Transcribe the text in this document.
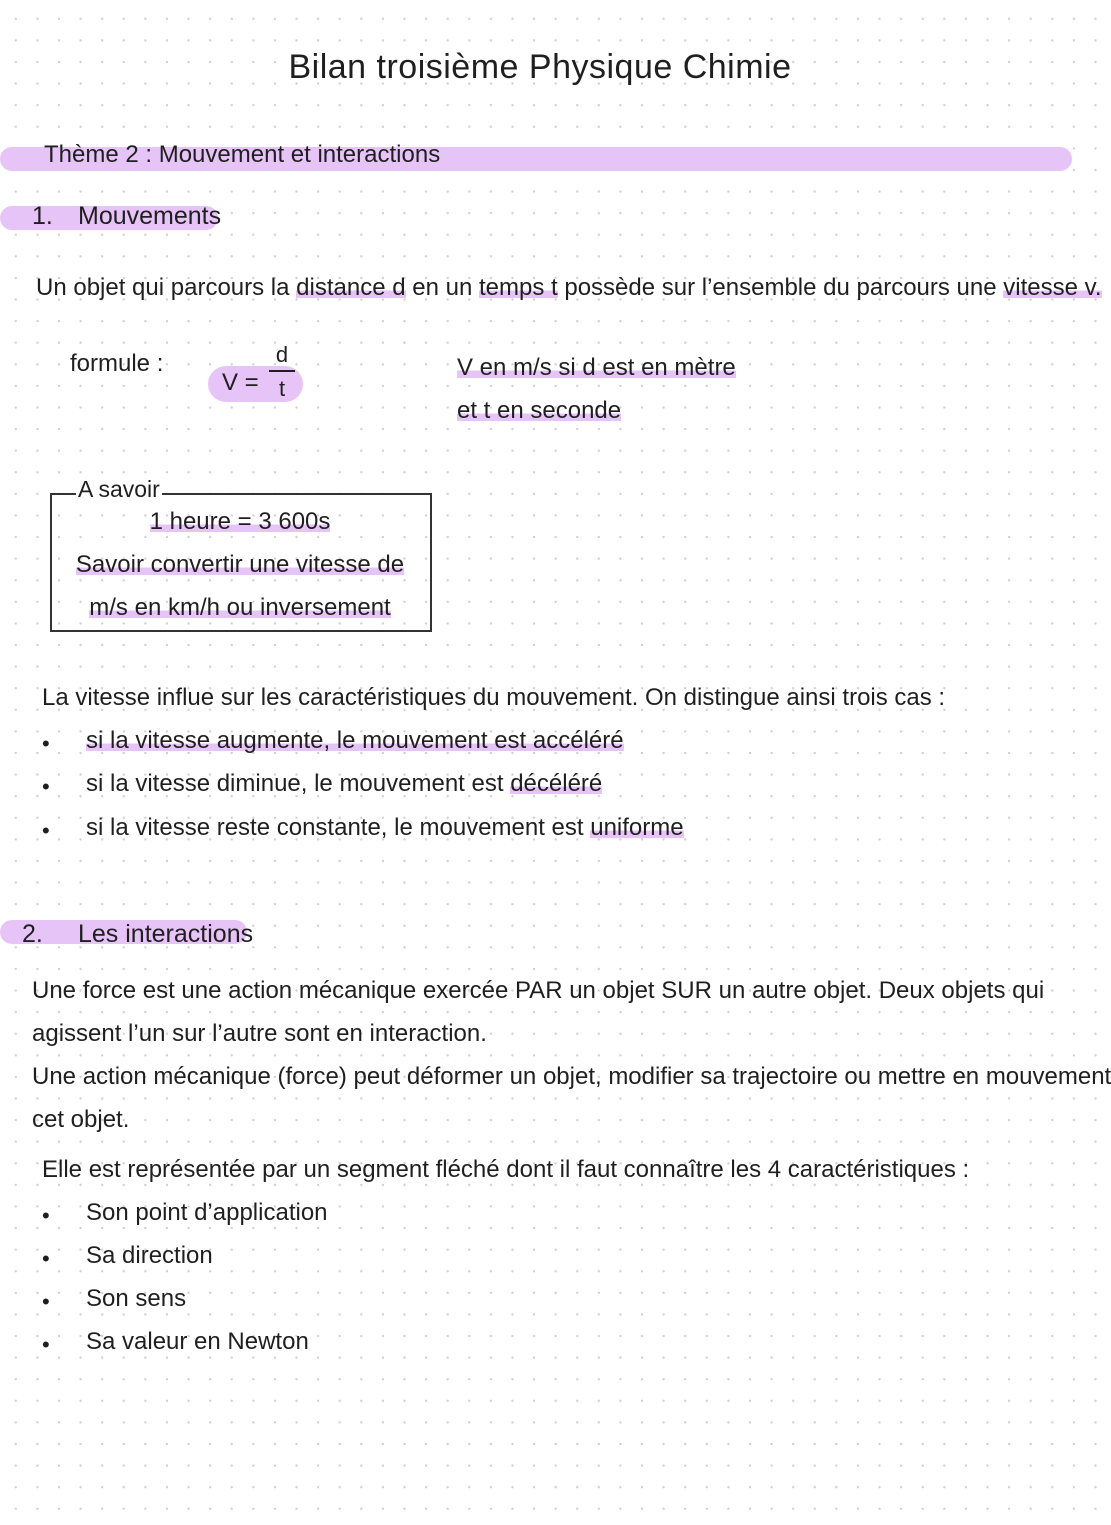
Bilan troisième Physique Chimie
Thème 2 : Mouvement et interactions
1. Mouvements
Un objet qui parcours la distance d en un temps t possède sur l’ensemble du parcours une vitesse v.
formule :
V =
d
t
V en m/s si d est en mètre
et t en seconde
A savoir
1 heure = 3 600s
Savoir convertir une vitesse de
m/s en km/h ou inversement
La vitesse influe sur les caractéristiques du mouvement. On distingue ainsi trois cas :
• si la vitesse augmente, le mouvement est accéléré
• si la vitesse diminue, le mouvement est décéléré
• si la vitesse reste constante, le mouvement est uniforme
2. Les interactions
Une force est une action mécanique exercée PAR un objet SUR un autre objet. Deux objets qui
agissent l’un sur l’autre sont en interaction.
Une action mécanique (force) peut déformer un objet, modifier sa trajectoire ou mettre en mouvement
cet objet.
Elle est représentée par un segment fléché dont il faut connaître les 4 caractéristiques :
• Son point d’application
• Sa direction
• Son sens
• Sa valeur en Newton
